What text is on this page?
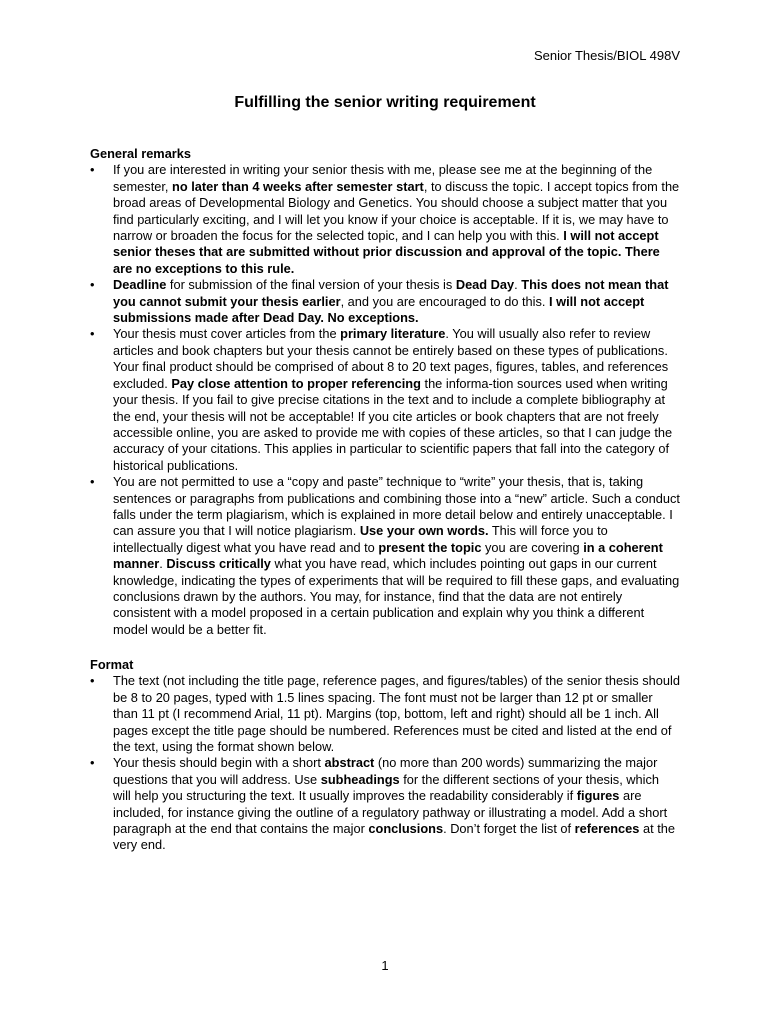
Senior Thesis/BIOL 498V
Fulfilling the senior writing requirement

General remarks

• If you are interested in writing your senior thesis with me, please see me at the beginning of the semester, no later than 4 weeks after semester start, to discuss the topic. I accept topics from the broad areas of Developmental Biology and Genetics. You should choose a subject matter that you find particularly exciting, and I will let you know if your choice is acceptable. If it is, we may have to narrow or broaden the focus for the selected topic, and I can help you with this. I will not accept senior theses that are submitted without prior discussion and approval of the topic. There are no exceptions to this rule.
• Deadline for submission of the final version of your thesis is Dead Day. This does not mean that you cannot submit your thesis earlier, and you are encouraged to do this. I will not accept submissions made after Dead Day. No exceptions.
• Your thesis must cover articles from the primary literature. You will usually also refer to review articles and book chapters but your thesis cannot be entirely based on these types of publications. Your final product should be comprised of about 8 to 20 text pages, figures, tables, and references excluded. Pay close attention to proper referencing the informa-tion sources used when writing your thesis. If you fail to give precise citations in the text and to include a complete bibliography at the end, your thesis will not be acceptable! If you cite articles or book chapters that are not freely accessible online, you are asked to provide me with copies of these articles, so that I can judge the accuracy of your citations. This applies in particular to scientific papers that fall into the category of historical publications.
• You are not permitted to use a “copy and paste” technique to “write” your thesis, that is, taking sentences or paragraphs from publications and combining those into a “new” article. Such a conduct falls under the term plagiarism, which is explained in more detail below and entirely unacceptable. I can assure you that I will notice plagiarism. Use your own words. This will force you to intellectually digest what you have read and to present the topic you are covering in a coherent manner. Discuss critically what you have read, which includes pointing out gaps in our current knowledge, indicating the types of experiments that will be required to fill these gaps, and evaluating conclusions drawn by the authors. You may, for instance, find that the data are not entirely consistent with a model proposed in a certain publication and explain why you think a different model would be a better fit.

Format

• The text (not including the title page, reference pages, and figures/tables) of the senior thesis should be 8 to 20 pages, typed with 1.5 lines spacing. The font must not be larger than 12 pt or smaller than 11 pt (I recommend Arial, 11 pt). Margins (top, bottom, left and right) should all be 1 inch. All pages except the title page should be numbered. References must be cited and listed at the end of the text, using the format shown below.
• Your thesis should begin with a short abstract (no more than 200 words) summarizing the major questions that you will address. Use subheadings for the different sections of your thesis, which will help you structuring the text. It usually improves the readability considerably if figures are included, for instance giving the outline of a regulatory pathway or illustrating a model. Add a short paragraph at the end that contains the major conclusions. Don’t forget the list of references at the very end.
1
